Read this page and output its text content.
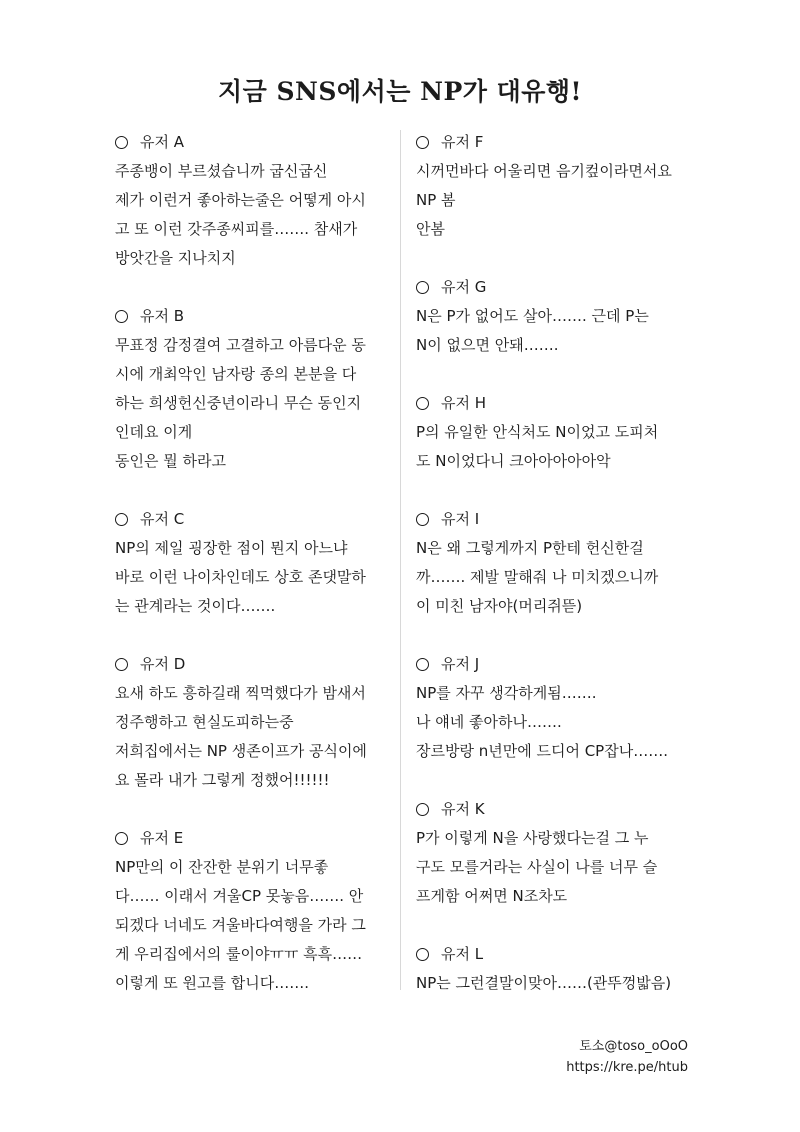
지금 SNS에서는 NP가 대유행!
유저 A
주종뱅이 부르셨습니까 굽신굽신
제가 이런거 좋아하는줄은 어떻게 아시
고 또 이런 갓주종씨피를……. 참새가
방앗간을 지나치지
유저 B
무표정 감정결여 고결하고 아름다운 동
시에 개최악인 남자랑 종의 본분을 다
하는 희생헌신중년이라니 무슨 동인지
인데요 이게
동인은 뭘 하라고
유저 C
NP의 제일 굉장한 점이 뭔지 아느냐
바로 이런 나이차인데도 상호 존댓말하
는 관계라는 것이다…….
유저 D
요새 하도 흥하길래 찍먹했다가 밤새서
정주행하고 현실도피하는중
저희집에서는 NP 생존이프가 공식이에
요 몰라 내가 그렇게 정했어!!!!!!
유저 E
NP만의 이 잔잔한 분위기 너무좋
다…… 이래서 겨울CP 못놓음……. 안
되겠다 너네도 겨울바다여행을 가라 그
게 우리집에서의 룰이야ㅠㅠ 흑흑……
이렇게 또 원고를 합니다…….
유저 F
시꺼먼바다 어울리면 음기컾이라면서요
NP 봄
안봄
유저 G
N은 P가 없어도 살아……. 근데 P는
N이 없으면 안돼…….
유저 H
P의 유일한 안식처도 N이었고 도피처
도 N이었다니 크아아아아아악
유저 I
N은 왜 그렇게까지 P한테 헌신한걸
까……. 제발 말해줘 나 미치겠으니까
이 미친 남자야(머리쥐뜯)
유저 J
NP를 자꾸 생각하게됨…….
나 얘네 좋아하나…….
장르방랑 n년만에 드디어 CP잡나…….
유저 K
P가 이렇게 N을 사랑했다는걸 그 누
구도 모를거라는 사실이 나를 너무 슬
프게함 어쩌면 N조차도
유저 L
NP는 그런결말이맞아……(관뚜껑밟음)
토소@toso_oOoO
https://kre.pe/htub
